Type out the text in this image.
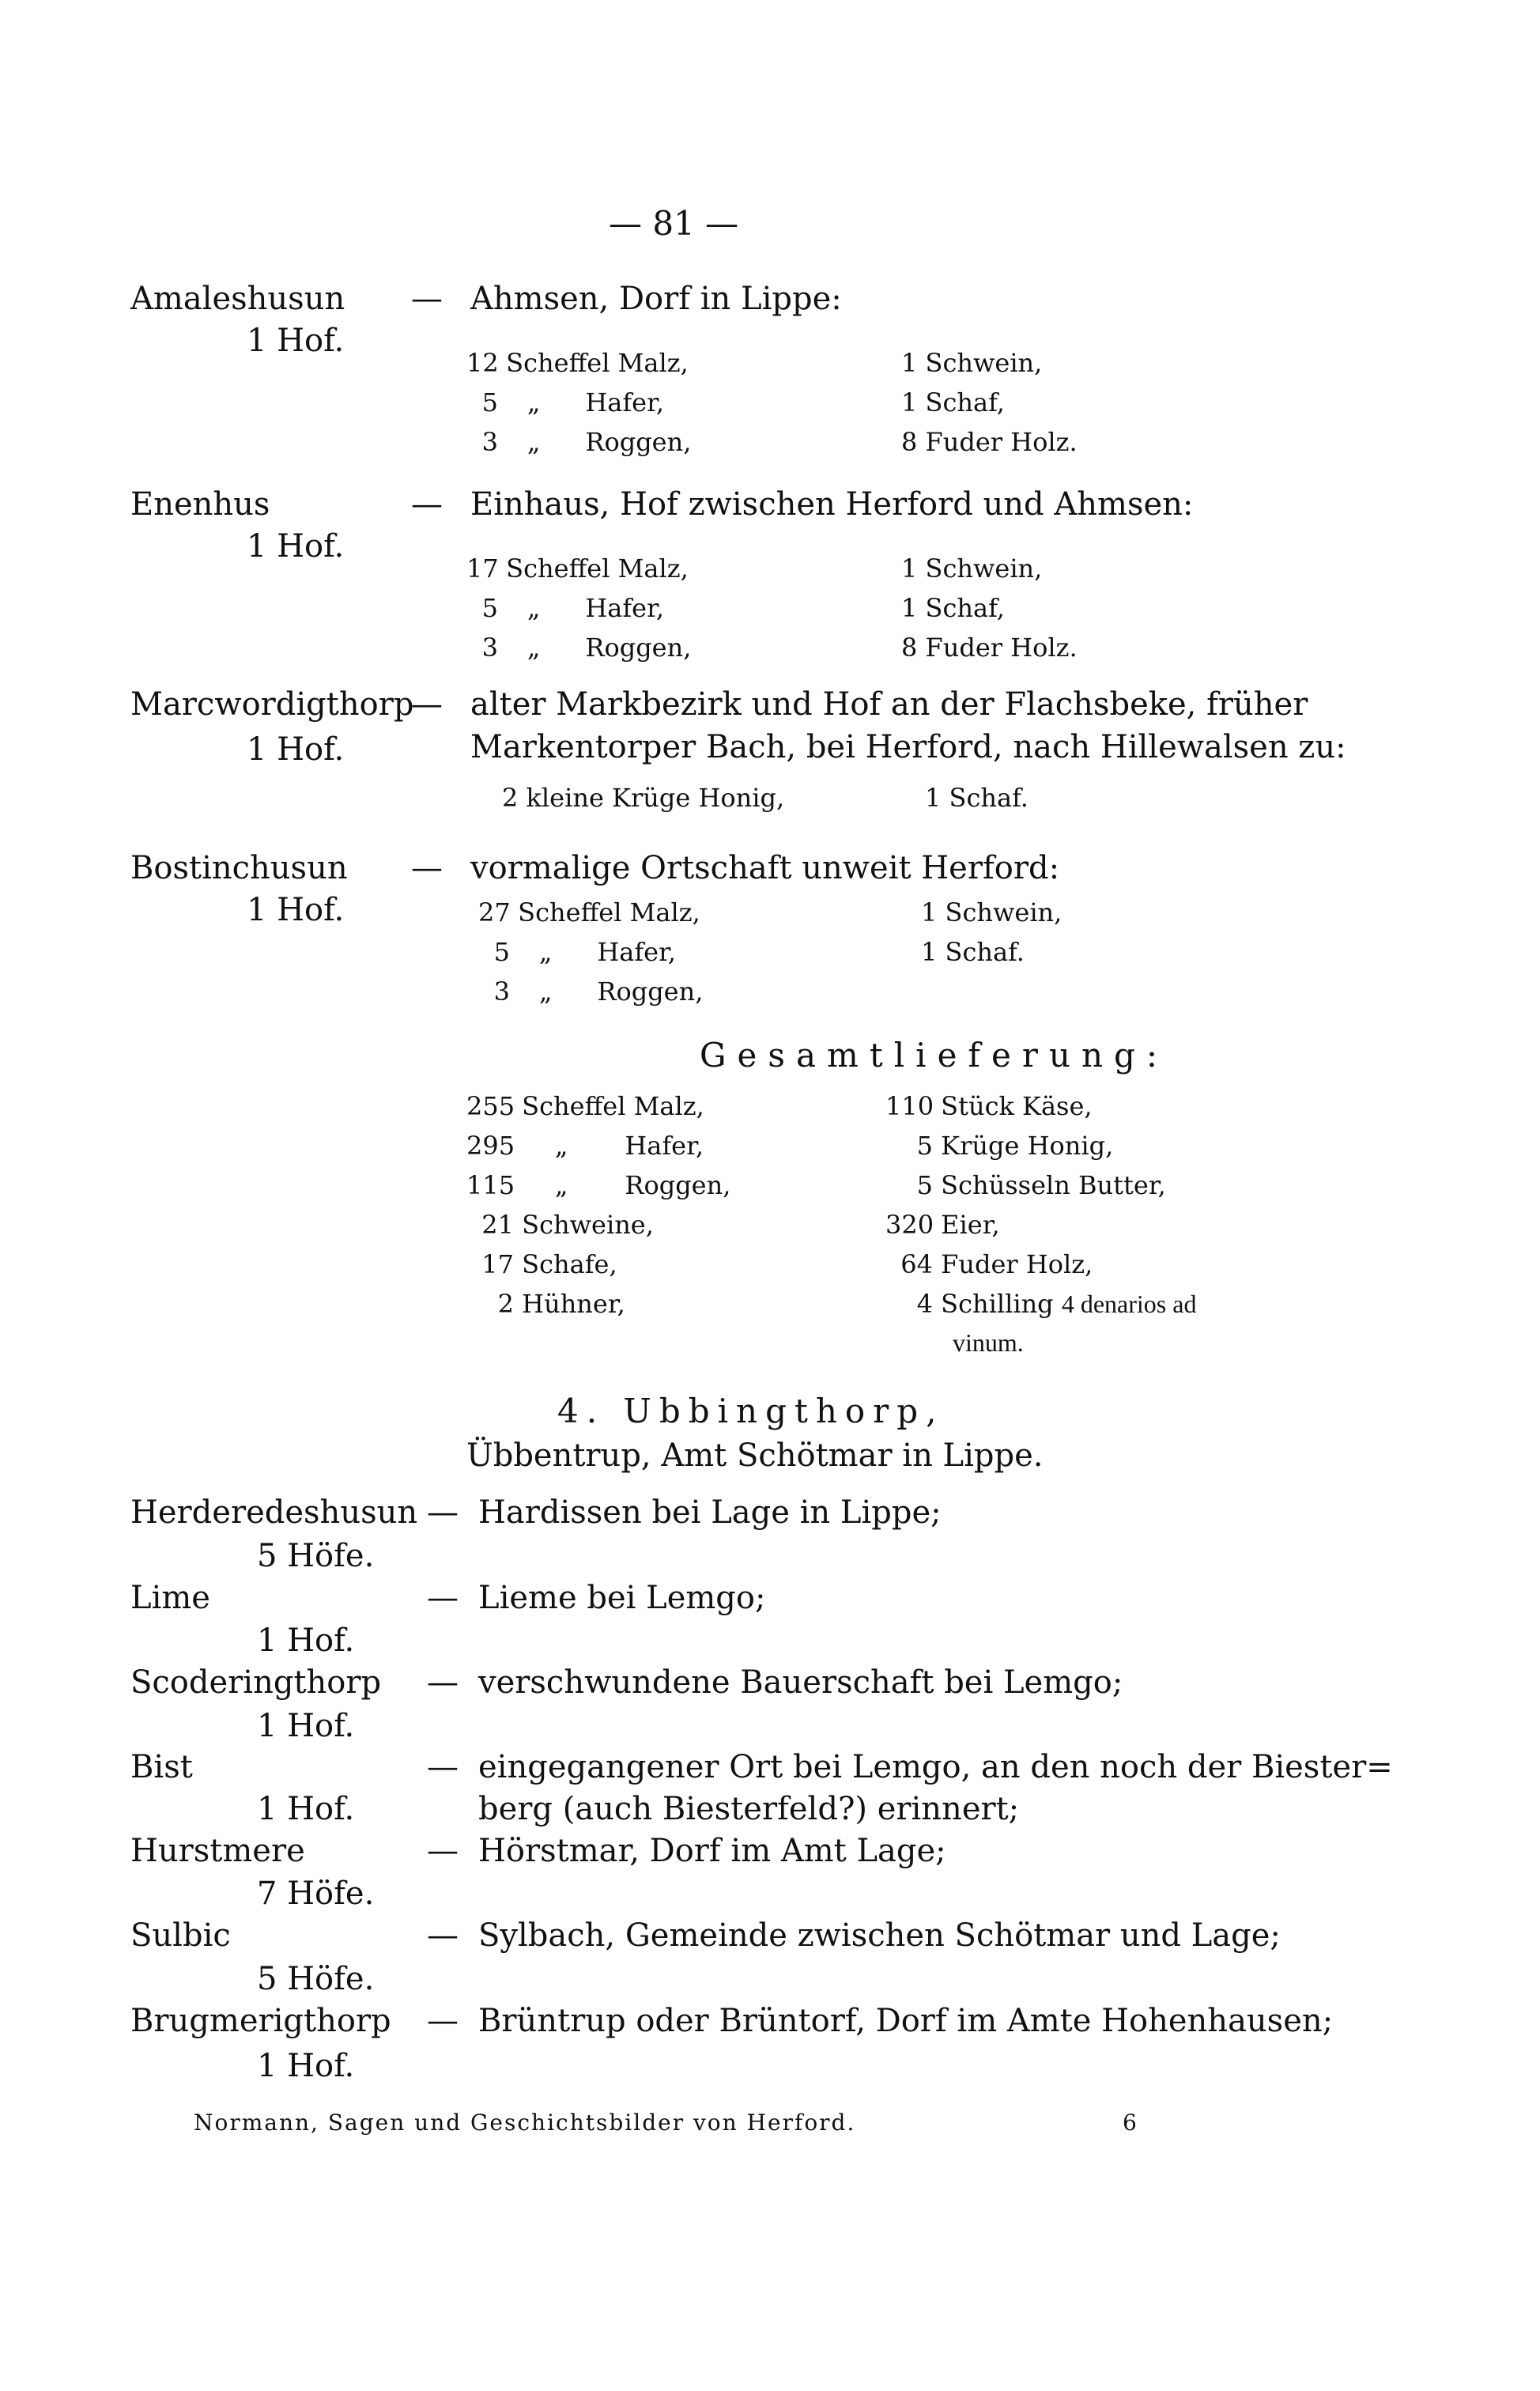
— 81 —
Amaleshusun
1 Hof.
— Ahmsen, Dorf in Lippe:
12 Scheffel Malz,
5 „ Hafer,
3 „ Roggen,
1 Schwein,
1 Schaf,
8 Fuder Holz.
Enenhus
1 Hof.
— Einhaus, Hof zwischen Herford und Ahmsen:
17 Scheffel Malz,
5 „ Hafer,
3 „ Roggen,
1 Schwein,
1 Schaf,
8 Fuder Holz.
Marcwordigthorp
1 Hof.
— alter Markbezirk und Hof an der Flachsbeke, früher
Markentorper Bach, bei Herford, nach Hillewalsen zu:
2 kleine Krüge Honig,	1 Schaf.
Bostinchusun
1 Hof.
— vormalige Ortschaft unweit Herford:
27 Scheffel Malz,
5 „ Hafer,
3 „ Roggen,
1 Schwein,
1 Schaf.
Gesamtlieferung:
255 Scheffel Malz,
295 „ Hafer,
115 „ Roggen,
21 Schweine,
17 Schafe,
2 Hühner,
110 Stück Käse,
5 Krüge Honig,
5 Schüsseln Butter,
320 Eier,
64 Fuder Holz,
4 Schilling 4 denarios ad
vinum.
4. Ubbingthorp,
Übbentrup, Amt Schötmar in Lippe.
Herderedeshusun
5 Höfe.
— Hardissen bei Lage in Lippe;
Lime
1 Hof.
— Lieme bei Lemgo;
Scoderingthorp
1 Hof.
— verschwundene Bauerschaft bei Lemgo;
Bist
1 Hof.
— eingegangener Ort bei Lemgo, an den noch der Biester=
berg (auch Biesterfeld?) erinnert;
Hurstmere
7 Höfe.
— Hörstmar, Dorf im Amt Lage;
Sulbic
5 Höfe.
— Sylbach, Gemeinde zwischen Schötmar und Lage;
Brugmerigthorp
1 Hof.
— Brüntrup oder Brüntorf, Dorf im Amte Hohenhausen;
Normann, Sagen und Geschichtsbilder von Herford.	6
